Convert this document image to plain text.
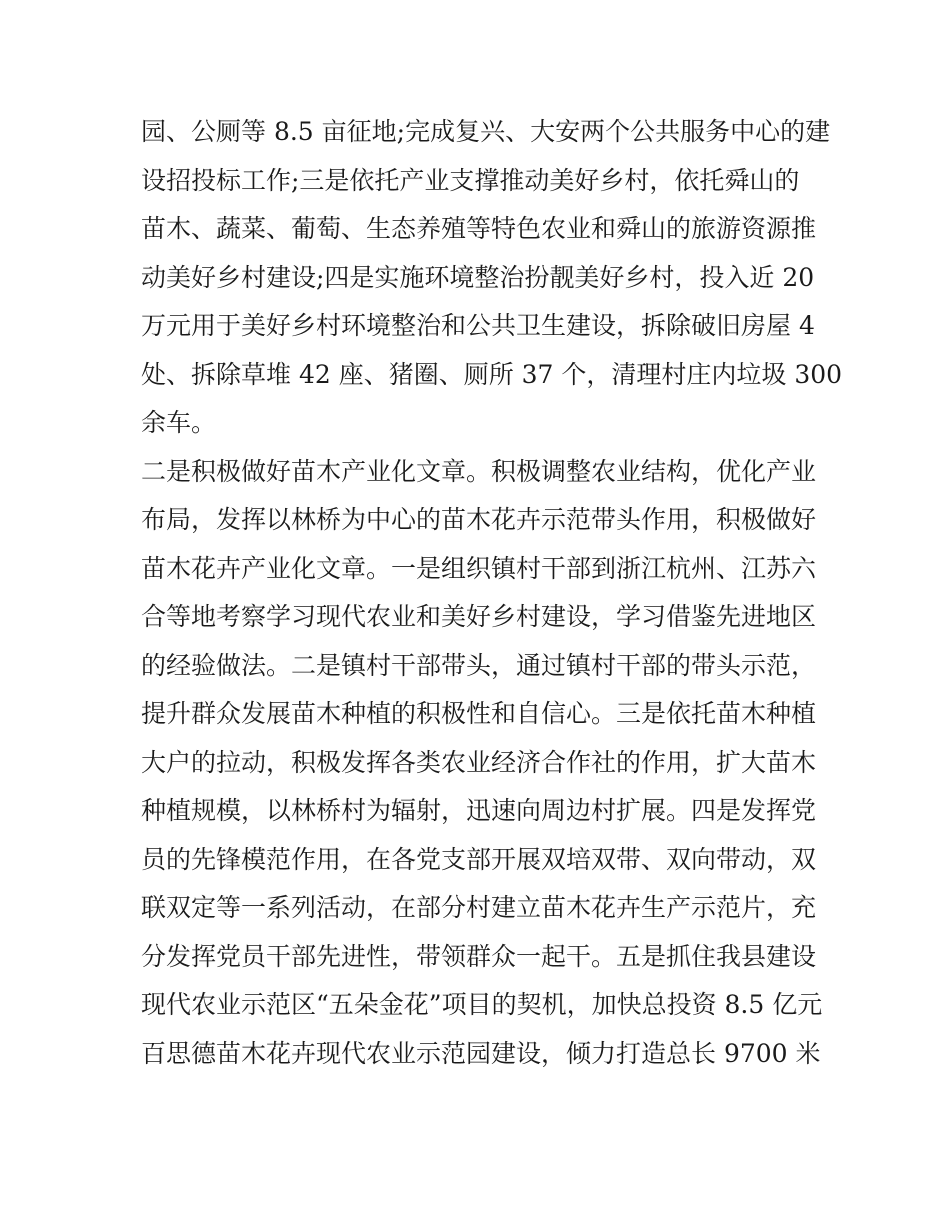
园、公厕等 8.5 亩征地;完成复兴、大安两个公共服务中心的建
设招投标工作;三是依托产业支撑推动美好乡村，依托舜山的
苗木、蔬菜、葡萄、生态养殖等特色农业和舜山的旅游资源推
动美好乡村建设;四是实施环境整治扮靓美好乡村，投入近 20
万元用于美好乡村环境整治和公共卫生建设，拆除破旧房屋 4
处、拆除草堆 42 座、猪圈、厕所 37 个，清理村庄内垃圾 300
余车。
二是积极做好苗木产业化文章。积极调整农业结构，优化产业
布局，发挥以林桥为中心的苗木花卉示范带头作用，积极做好
苗木花卉产业化文章。一是组织镇村干部到浙江杭州、江苏六
合等地考察学习现代农业和美好乡村建设，学习借鉴先进地区
的经验做法。二是镇村干部带头，通过镇村干部的带头示范，
提升群众发展苗木种植的积极性和自信心。三是依托苗木种植
大户的拉动，积极发挥各类农业经济合作社的作用，扩大苗木
种植规模，以林桥村为辐射，迅速向周边村扩展。四是发挥党
员的先锋模范作用，在各党支部开展双培双带、双向带动，双
联双定等一系列活动，在部分村建立苗木花卉生产示范片，充
分发挥党员干部先进性，带领群众一起干。五是抓住我县建设
现代农业示范区“五朵金花”项目的契机，加快总投资 8.5 亿元
百思德苗木花卉现代农业示范园建设，倾力打造总长 9700 米
